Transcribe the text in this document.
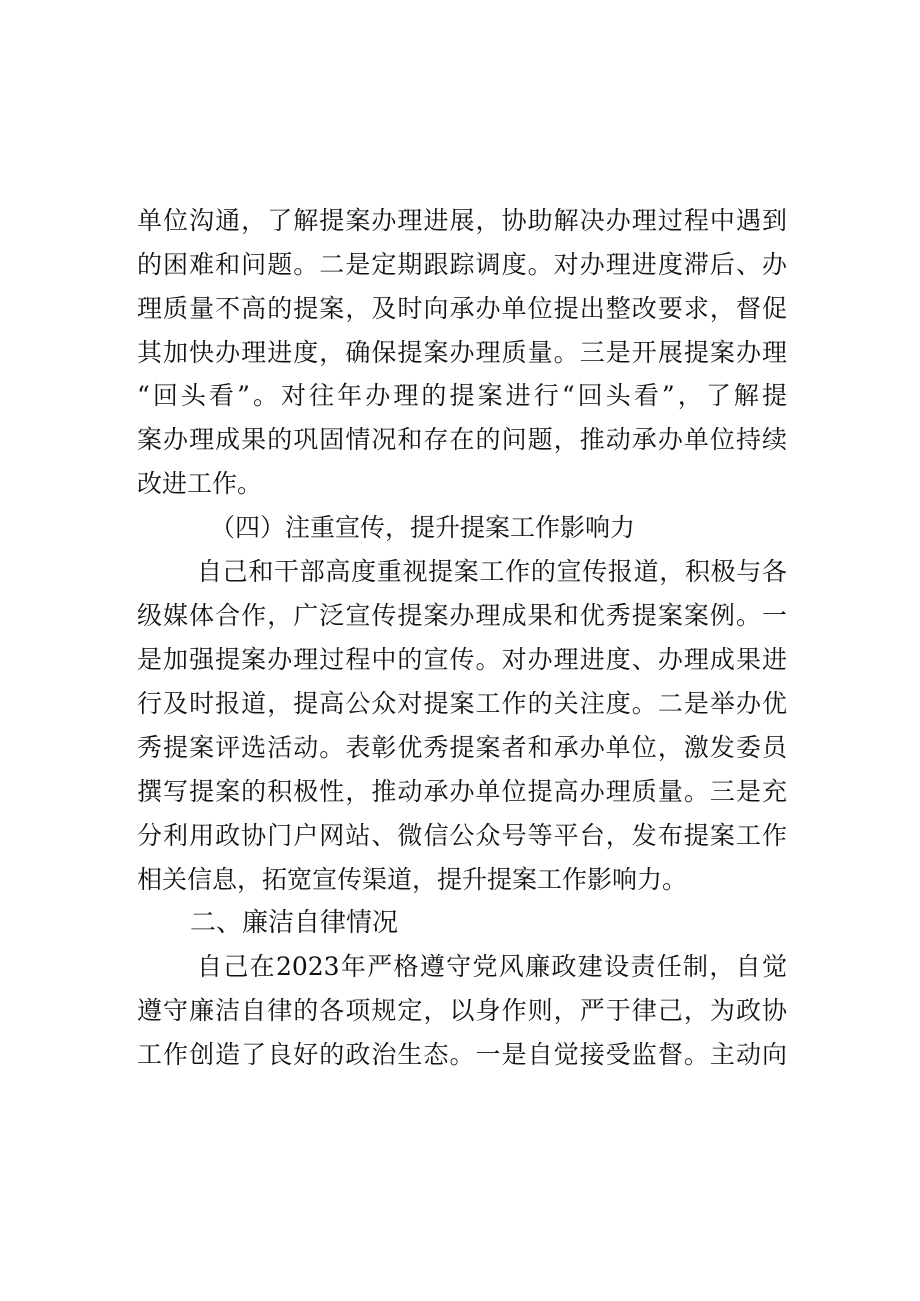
单位沟通，了解提案办理进展，协助解决办理过程中遇到
的困难和问题。二是定期跟踪调度。对办理进度滞后、办
理质量不高的提案，及时向承办单位提出整改要求，督促
其加快办理进度，确保提案办理质量。三是开展提案办理
“回头看”。对往年办理的提案进行“回头看”，了解提
案办理成果的巩固情况和存在的问题，推动承办单位持续
改进工作。
（四）注重宣传，提升提案工作影响力
自己和干部高度重视提案工作的宣传报道，积极与各
级媒体合作，广泛宣传提案办理成果和优秀提案案例。一
是加强提案办理过程中的宣传。对办理进度、办理成果进
行及时报道，提高公众对提案工作的关注度。二是举办优
秀提案评选活动。表彰优秀提案者和承办单位，激发委员
撰写提案的积极性，推动承办单位提高办理质量。三是充
分利用政协门户网站、微信公众号等平台，发布提案工作
相关信息，拓宽宣传渠道，提升提案工作影响力。
二、廉洁自律情况
自己在2023年严格遵守党风廉政建设责任制，自觉
遵守廉洁自律的各项规定，以身作则，严于律己，为政协
工作创造了良好的政治生态。一是自觉接受监督。主动向
